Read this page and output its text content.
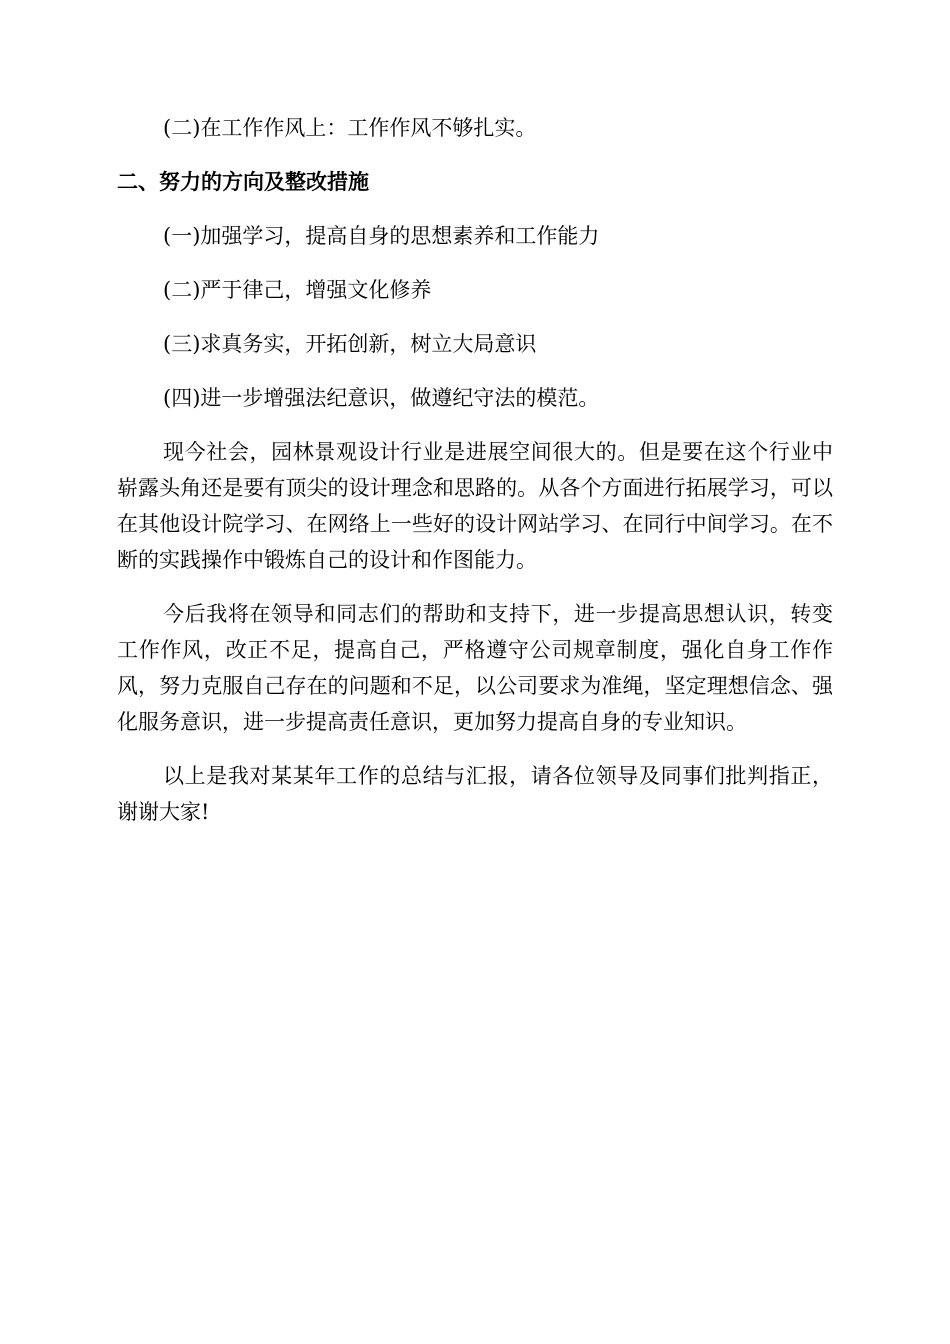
(二)在工作作风上：工作作风不够扎实。

二、努力的方向及整改措施

(一)加强学习，提高自身的思想素养和工作能力

(二)严于律己，增强文化修养

(三)求真务实，开拓创新，树立大局意识

(四)进一步增强法纪意识，做遵纪守法的模范。

现今社会，园林景观设计行业是进展空间很大的。但是要在这个行业中崭露头角还是要有顶尖的设计理念和思路的。从各个方面进行拓展学习，可以在其他设计院学习、在网络上一些好的设计网站学习、在同行中间学习。在不断的实践操作中锻炼自己的设计和作图能力。

今后我将在领导和同志们的帮助和支持下，进一步提高思想认识，转变工作作风，改正不足，提高自己，严格遵守公司规章制度，强化自身工作作风，努力克服自己存在的问题和不足，以公司要求为准绳，坚定理想信念、强化服务意识，进一步提高责任意识，更加努力提高自身的专业知识。

以上是我对某某年工作的总结与汇报，请各位领导及同事们批判指正，谢谢大家!
